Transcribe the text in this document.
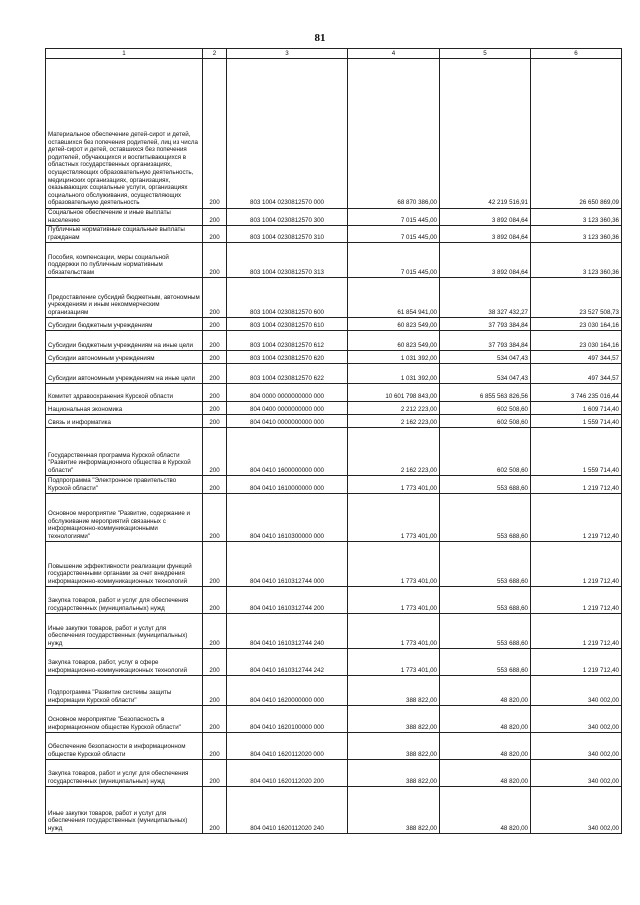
81
1	2	3	4	5	6
Материальное обеспечение детей-сирот и детей, оставшихся без попечения родителей, лиц из числа детей-сирот и детей, оставшихся без попечения родителей, обучающихся и воспитывающихся в областных государственных организациях, осуществляющих образовательную деятельность, медицинских организациях, организациях, оказывающих социальные услуги, организациях социального обслуживания, осуществляющих образовательную деятельность	200	803 1004 0230812570 000	68 870 386,00	42 219 516,91	26 650 869,09
Социальное обеспечение и иные выплаты населению	200	803 1004 0230812570 300	7 015 445,00	3 892 084,64	3 123 360,36
Публичные нормативные социальные выплаты гражданам	200	803 1004 0230812570 310	7 015 445,00	3 892 084,64	3 123 360,36
Пособия, компенсации, меры социальной поддержки по публичным нормативным обязательствам	200	803 1004 0230812570 313	7 015 445,00	3 892 084,64	3 123 360,36
Предоставление субсидий бюджетным, автономным учреждениям и иным некоммерческим организациям	200	803 1004 0230812570 600	61 854 941,00	38 327 432,27	23 527 508,73
Субсидии бюджетным учреждениям	200	803 1004 0230812570 610	60 823 549,00	37 793 384,84	23 030 164,16
Субсидии бюджетным учреждениям на иные цели	200	803 1004 0230812570 612	60 823 549,00	37 793 384,84	23 030 164,16
Субсидии автономным учреждениям	200	803 1004 0230812570 620	1 031 392,00	534 047,43	497 344,57
Субсидии автономным учреждениям на иные цели	200	803 1004 0230812570 622	1 031 392,00	534 047,43	497 344,57
Комитет здравоохранения Курской области	200	804 0000 0000000000 000	10 601 798 843,00	6 855 563 826,56	3 746 235 016,44
Национальная экономика	200	804 0400 0000000000 000	2 212 223,00	602 508,60	1 609 714,40
Связь и информатика	200	804 0410 0000000000 000	2 162 223,00	602 508,60	1 559 714,40
Государственная программа Курской области "Развитие информационного общества в Курской области"	200	804 0410 1600000000 000	2 162 223,00	602 508,60	1 559 714,40
Подпрограмма "Электронное правительство Курской области"	200	804 0410 1610000000 000	1 773 401,00	553 688,60	1 219 712,40
Основное мероприятие "Развитие, содержание и обслуживание мероприятий связанных с информационно-коммуникационными технологиями"	200	804 0410 1610300000 000	1 773 401,00	553 688,60	1 219 712,40
Повышение эффективности реализации функций государственными органами за счет внедрения информационно-коммуникационных технологий	200	804 0410 1610312744 000	1 773 401,00	553 688,60	1 219 712,40
Закупка товаров, работ и услуг для обеспечения государственных (муниципальных) нужд	200	804 0410 1610312744 200	1 773 401,00	553 688,60	1 219 712,40
Иные закупки товаров, работ и услуг для обеспечения государственных (муниципальных) нужд	200	804 0410 1610312744 240	1 773 401,00	553 688,60	1 219 712,40
Закупка товаров, работ, услуг в сфере информационно-коммуникационных технологий	200	804 0410 1610312744 242	1 773 401,00	553 688,60	1 219 712,40
Подпрограмма "Развитие системы защиты информации Курской области"	200	804 0410 1620000000 000	388 822,00	48 820,00	340 002,00
Основное мероприятие "Безопасность в информационном обществе Курской области"	200	804 0410 1620100000 000	388 822,00	48 820,00	340 002,00
Обеспечение безопасности в информационном обществе Курской области	200	804 0410 1620112020 000	388 822,00	48 820,00	340 002,00
Закупка товаров, работ и услуг для обеспечения государственных (муниципальных) нужд	200	804 0410 1620112020 200	388 822,00	48 820,00	340 002,00
Иные закупки товаров, работ и услуг для обеспечения государственных (муниципальных) нужд	200	804 0410 1620112020 240	388 822,00	48 820,00	340 002,00
